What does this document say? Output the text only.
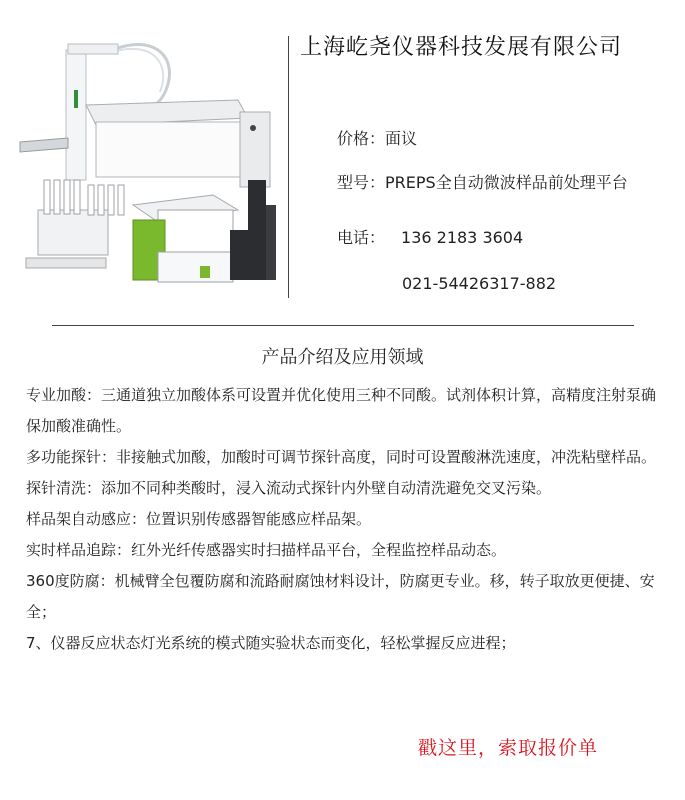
上海屹尧仪器科技发展有限公司
价格：面议
型号：PREPS全自动微波样品前处理平台
电话： 136 2183 3604
021-54426317-882
产品介绍及应用领域

专业加酸：三通道独立加酸体系可设置并优化使用三种不同酸。试剂体积计算，高精度注射泵确保加酸准确性。

多功能探针：非接触式加酸，加酸时可调节探针高度，同时可设置酸淋洗速度，冲洗粘壁样品。

探针清洗：添加不同种类酸时，浸入流动式探针内外壁自动清洗避免交叉污染。

样品架自动感应：位置识别传感器智能感应样品架。

实时样品追踪：红外光纤传感器实时扫描样品平台，全程监控样品动态。

360度防腐：机械臂全包覆防腐和流路耐腐蚀材料设计，防腐更专业。移，转子取放更便捷、安全；

7、仪器反应状态灯光系统的模式随实验状态而变化，轻松掌握反应进程；

戳这里，索取报价单
